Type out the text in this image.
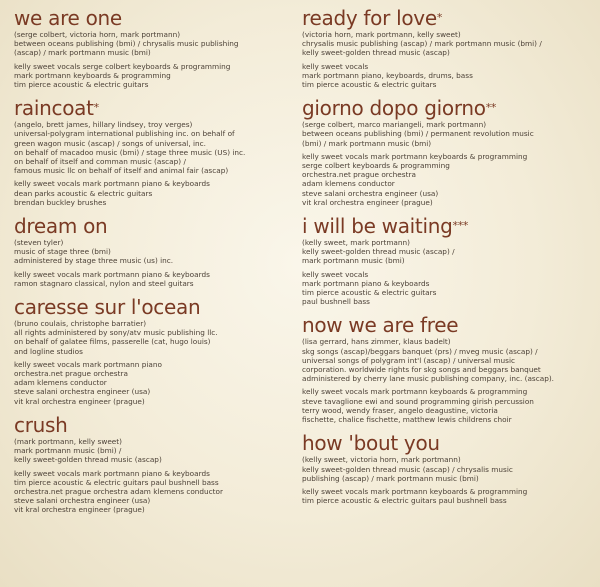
we are one
(serge colbert, victoria horn, mark portmann)
between oceans publishing (bmi) / chrysalis music publishing
(ascap) / mark portmann music (bmi)
kelly sweet vocals serge colbert keyboards & programming
mark portmann keyboards & programming
tim pierce acoustic & electric guitars
raincoat*
(angelo, brett james, hillary lindsey, troy verges)
universal-polygram international publishing inc. on behalf of
green wagon music (ascap) / songs of universal, inc.
on behalf of macadoo music (bmi) / stage three music (US) inc.
on behalf of itself and comman music (ascap) /
famous music llc on behalf of itself and animal fair (ascap)
kelly sweet vocals mark portmann piano & keyboards
dean parks acoustic & electric guitars
brendan buckley brushes
dream on
(steven tyler)
music of stage three (bmi)
administered by stage three music (us) inc.
kelly sweet vocals mark portmann piano & keyboards
ramon stagnaro classical, nylon and steel guitars
caresse sur l'ocean
(bruno coulais, christophe barratier)
all rights administered by sony/atv music publishing llc.
on behalf of galatee films, passerelle (cat, hugo louis)
and logline studios
kelly sweet vocals mark portmann piano
orchestra.net prague orchestra
adam klemens conductor
steve salani orchestra engineer (usa)
vit kral orchestra engineer (prague)
crush
(mark portmann, kelly sweet)
mark portmann music (bmi) /
kelly sweet-golden thread music (ascap)
kelly sweet vocals mark portmann piano & keyboards
tim pierce acoustic & electric guitars paul bushnell bass
orchestra.net prague orchestra adam klemens conductor
steve salani orchestra engineer (usa)
vit kral orchestra engineer (prague)
ready for love*
(victoria horn, mark portmann, kelly sweet)
chrysalis music publishing (ascap) / mark portmann music (bmi) /
kelly sweet-golden thread music (ascap)
kelly sweet vocals
mark portmann piano, keyboards, drums, bass
tim pierce acoustic & electric guitars
giorno dopo giorno**
(serge colbert, marco mariangeli, mark portmann)
between oceans publishing (bmi) / permanent revolution music
(bmi) / mark portmann music (bmi)
kelly sweet vocals mark portmann keyboards & programming
serge colbert keyboards & programming
orchestra.net prague orchestra
adam klemens conductor
steve salani orchestra engineer (usa)
vit kral orchestra engineer (prague)
i will be waiting***
(kelly sweet, mark portmann)
kelly sweet-golden thread music (ascap) /
mark portmann music (bmi)
kelly sweet vocals
mark portmann piano & keyboards
tim pierce acoustic & electric guitars
paul bushnell bass
now we are free
(lisa gerrard, hans zimmer, klaus badelt)
skg songs (ascap)/beggars banquet (prs) / mveg music (ascap) /
universal songs of polygram int'l (ascap) / universal music
corporation. worldwide rights for skg songs and beggars banquet
administered by cherry lane music publishing company, inc. (ascap).
kelly sweet vocals mark portmann keyboards & programming
steve tavaglione ewi and sound programming girish percussion
terry wood, wendy fraser, angelo deagustine, victoria
fischette, chalice fischette, matthew lewis childrens choir
how 'bout you
(kelly sweet, victoria horn, mark portmann)
kelly sweet-golden thread music (ascap) / chrysalis music
publishing (ascap) / mark portmann music (bmi)
kelly sweet vocals mark portmann keyboards & programming
tim pierce acoustic & electric guitars paul bushnell bass
